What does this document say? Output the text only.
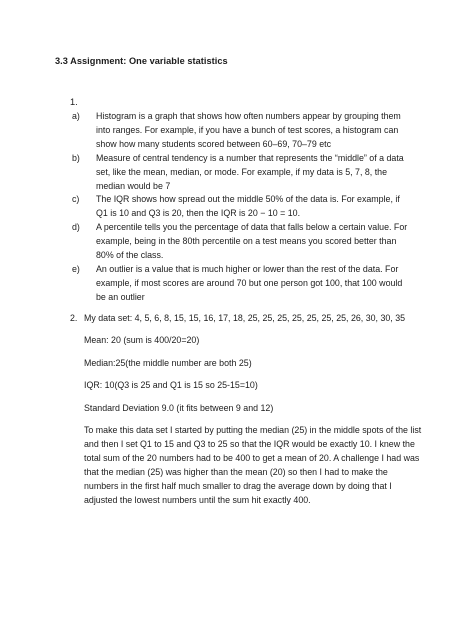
3.3 Assignment: One variable statistics
1.
a) Histogram is a graph that shows how often numbers appear by grouping them into ranges. For example, if you have a bunch of test scores, a histogram can show how many students scored between 60–69, 70–79 etc
b) Measure of central tendency is a number that represents the “middle” of a data set, like the mean, median, or mode. For example, if my data is 5, 7, 8, the median would be 7
c) The IQR shows how spread out the middle 50% of the data is. For example, if Q1 is 10 and Q3 is 20, then the IQR is 20 − 10 = 10.
d) A percentile tells you the percentage of data that falls below a certain value. For example, being in the 80th percentile on a test means you scored better than 80% of the class.
e) An outlier is a value that is much higher or lower than the rest of the data. For example, if most scores are around 70 but one person got 100, that 100 would be an outlier
2. My data set: 4, 5, 6, 8, 15, 15, 16, 17, 18, 25, 25, 25, 25, 25, 25, 25, 26, 30, 30, 35
Mean: 20 (sum is 400/20=20)
Median:25(the middle number are both 25)
IQR: 10(Q3 is 25 and Q1 is 15 so 25-15=10)
Standard Deviation 9.0 (it fits between 9 and 12)
To make this data set I started by putting the median (25) in the middle spots of the list and then I set Q1 to 15 and Q3 to 25 so that the IQR would be exactly 10. I knew the total sum of the 20 numbers had to be 400 to get a mean of 20. A challenge I had was that the median (25) was higher than the mean (20) so then I had to make the numbers in the first half much smaller to drag the average down by doing that I adjusted the lowest numbers until the sum hit exactly 400.
